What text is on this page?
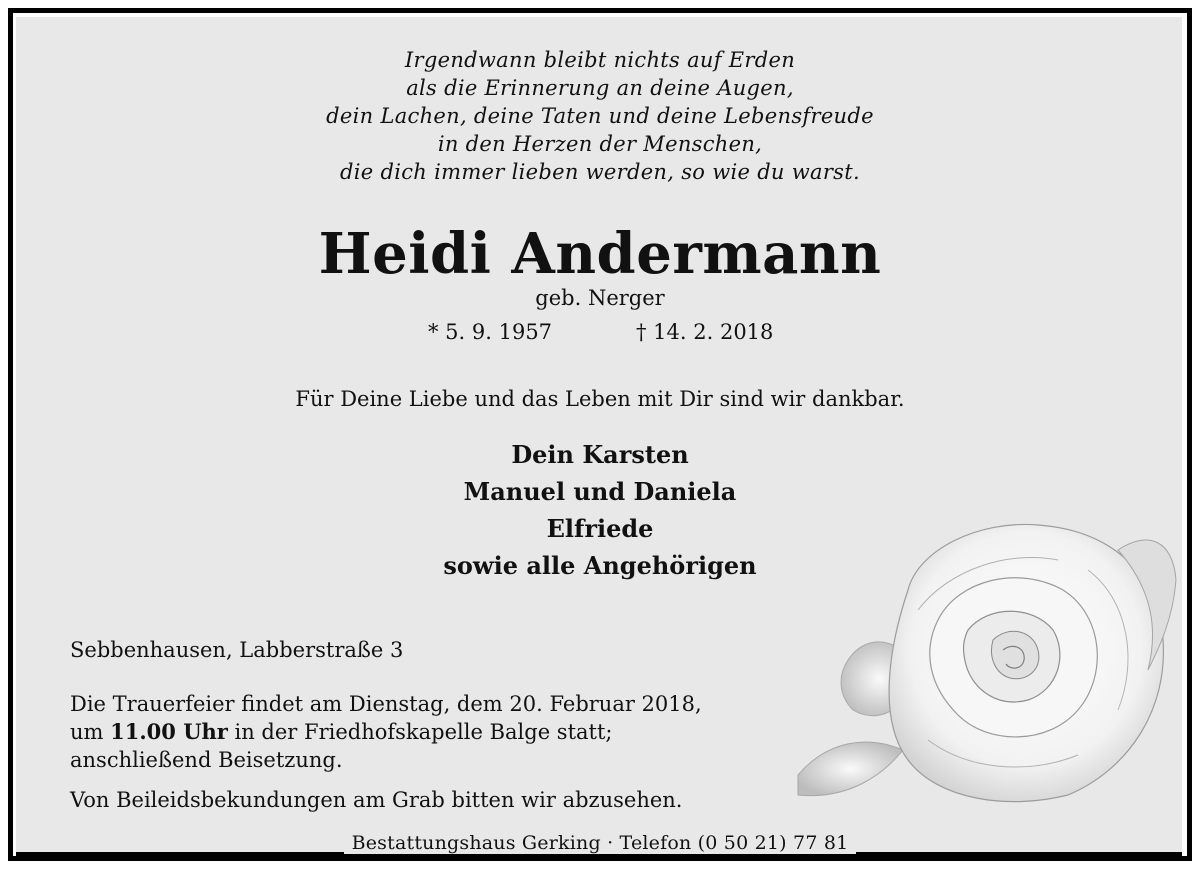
Irgendwann bleibt nichts auf Erden
als die Erinnerung an deine Augen,
dein Lachen, deine Taten und deine Lebensfreude
in den Herzen der Menschen,
die dich immer lieben werden, so wie du warst.
Heidi Andermann
geb. Nerger
* 5. 9. 1957	† 14. 2. 2018
Für Deine Liebe und das Leben mit Dir sind wir dankbar.
Dein Karsten
Manuel und Daniela
Elfriede
sowie alle Angehörigen
Sebbenhausen, Labberstraße 3
Die Trauerfeier findet am Dienstag, dem 20. Februar 2018,
um 11.00 Uhr in der Friedhofskapelle Balge statt;
anschließend Beisetzung.
Von Beileidsbekundungen am Grab bitten wir abzusehen.
Bestattungshaus Gerking · Telefon (0 50 21) 77 81
